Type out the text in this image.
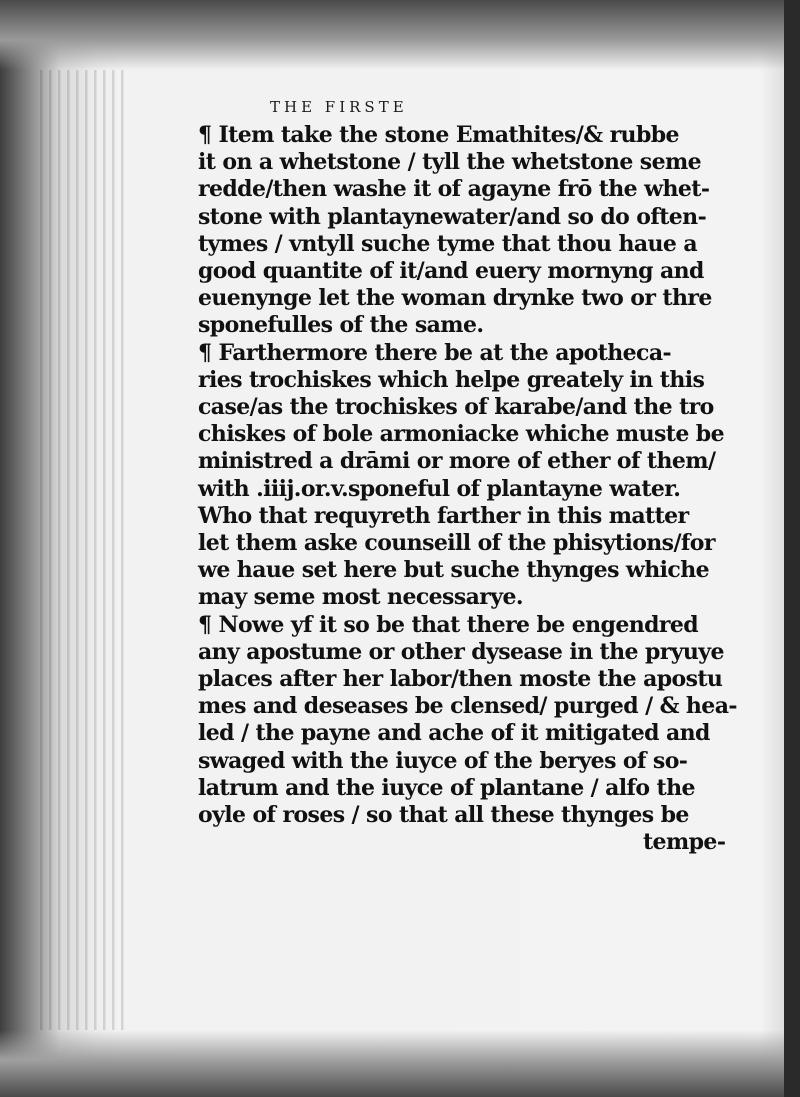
THE FIRSTE
¶ Item take the stone Emathites/& rubbe
it on a whetstone / tyll the whetstone seme
redde/then washe it of agayne frō the whet-
stone with plantaynewater/and so do often-
tymes / vntyll suche tyme that thou haue a
good quantite of it/and euery mornyng and
euenynge let the woman drynke two or thre
sponefulles of the same.
¶ Farthermore there be at the apotheca-
ries trochiskes which helpe greately in this
case/as the trochiskes of karabe/and the tro
chiskes of bole armoniacke whiche muste be
ministred a drāmi or more of ether of them/
with .iiij.or.v.sponeful of plantayne water.
Who that requyreth farther in this matter
let them aske counseill of the phisytions/for
we haue set here but suche thynges whiche
may seme most necessarye.
¶ Nowe yf it so be that there be engendred
any apostume or other dysease in the pryuye
places after her labor/then moste the apostu
mes and deseases be clensed/ purged / & hea-
led / the payne and ache of it mitigated and
swaged with the iuyce of the beryes of so-
latrum and the iuyce of plantane / alfo the
oyle of roses / so that all these thynges be
tempe-
